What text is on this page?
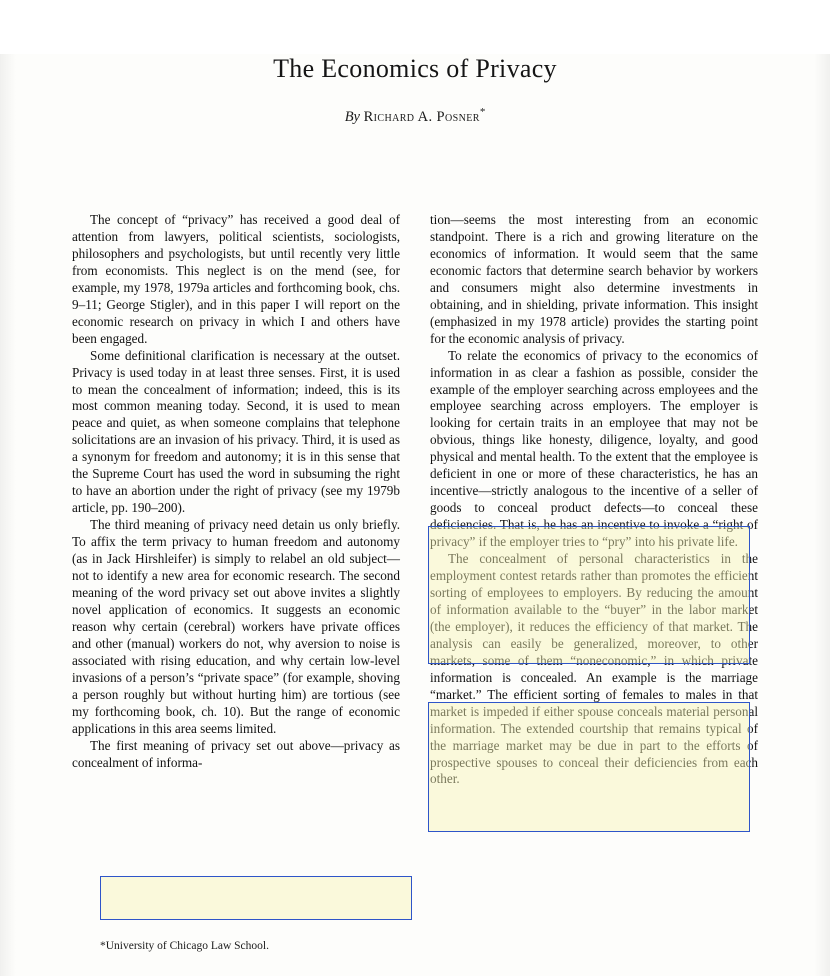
The Economics of Privacy
By Richard A. Posner*

The concept of “privacy” has received a good deal of attention from lawyers, political scientists, sociologists, philosophers and psychologists, but until recently very little from economists. This neglect is on the mend (see, for example, my 1978, 1979a articles and forthcoming book, chs. 9–11; George Stigler), and in this paper I will report on the economic research on privacy in which I and others have been engaged.

Some definitional clarification is necessary at the outset. Privacy is used today in at least three senses. First, it is used to mean the concealment of information; indeed, this is its most common meaning today. Second, it is used to mean peace and quiet, as when someone complains that telephone solicitations are an invasion of his privacy. Third, it is used as a synonym for freedom and autonomy; it is in this sense that the Supreme Court has used the word in subsuming the right to have an abortion under the right of privacy (see my 1979b article, pp. 190–200).

The third meaning of privacy need detain us only briefly. To affix the term privacy to human freedom and autonomy (as in Jack Hirshleifer) is simply to relabel an old subject—not to identify a new area for economic research. The second meaning of the word privacy set out above invites a slightly novel application of economics. It suggests an economic reason why certain (cerebral) workers have private offices and other (manual) workers do not, why aversion to noise is associated with rising education, and why certain low-level invasions of a person’s “private space” (for example, shoving a person roughly but without hurting him) are tortious (see my forthcoming book, ch. 10). But the range of economic applications in this area seems limited.

The first meaning of privacy set out above—privacy as concealment of informa-

tion—seems the most interesting from an economic standpoint. There is a rich and growing literature on the economics of information. It would seem that the same economic factors that determine search behavior by workers and consumers might also determine investments in obtaining, and in shielding, private information. This insight (emphasized in my 1978 article) provides the starting point for the economic analysis of privacy.

To relate the economics of privacy to the economics of information in as clear a fashion as possible, consider the example of the employer searching across employees and the employee searching across employers. The employer is looking for certain traits in an employee that may not be obvious, things like honesty, diligence, loyalty, and good physical and mental health. To the extent that the employee is deficient in one or more of these characteristics, he has an incentive—strictly analogous to the incentive of a seller of goods to conceal product defects—to conceal these deficiencies. That is, he has an incentive to invoke a “right of privacy” if the employer tries to “pry” into his private life.

The concealment of personal characteristics in the employment contest retards rather than promotes the efficient sorting of employees to employers. By reducing the amount of information available to the “buyer” in the labor market (the employer), it reduces the efficiency of that market. The analysis can easily be generalized, moreover, to other markets, some of them “noneconomic,” in which private information is concealed. An example is the marriage “market.” The efficient sorting of females to males in that market is impeded if either spouse conceals material personal information. The extended courtship that remains typical of the marriage market may be due in part to the efforts of prospective spouses to conceal their deficiencies from each other.

*University of Chicago Law School.
